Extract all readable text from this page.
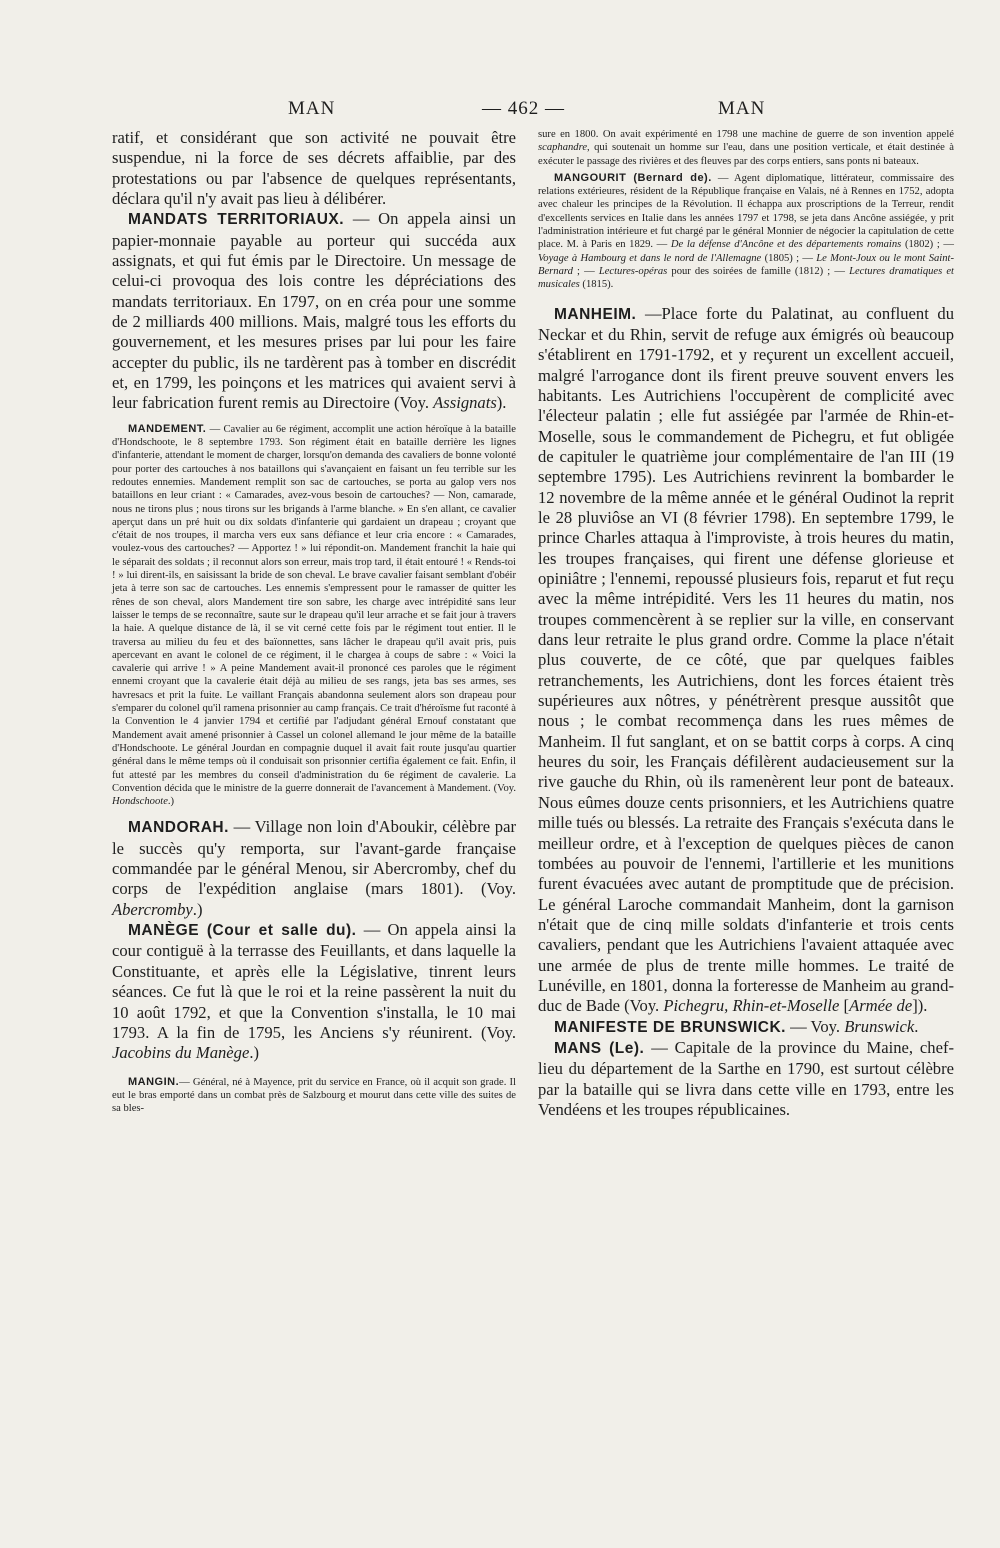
MAN	— 462 —	MAN

ratif, et considérant que son activité ne pouvait être suspendue, ni la force de ses décrets affaiblie, par des protestations ou par l'absence de quelques représentants, déclara qu'il n'y avait pas lieu à délibérer.

MANDATS TERRITORIAUX. — On appela ainsi un papier-monnaie payable au porteur qui succéda aux assignats, et qui fut émis par le Directoire. Un message de celui-ci provoqua des lois contre les dépréciations des mandats territoriaux. En 1797, on en créa pour une somme de 2 milliards 400 millions. Mais, malgré tous les efforts du gouvernement, et les mesures prises par lui pour les faire accepter du public, ils ne tardèrent pas à tomber en discrédit et, en 1799, les poinçons et les matrices qui avaient servi à leur fabrication furent remis au Directoire (Voy. Assignats).

MANDEMENT. — Cavalier au 6e régiment, accomplit une action héroïque à la bataille d'Hondschoote, le 8 septembre 1793. Son régiment était en bataille derrière les lignes d'infanterie, attendant le moment de charger, lorsqu'on demanda des cavaliers de bonne volonté pour porter des cartouches à nos bataillons qui s'avançaient en faisant un feu terrible sur les redoutes ennemies. Mandement remplit son sac de cartouches, se porta au galop vers nos bataillons en leur criant : « Camarades, avez-vous besoin de cartouches? — Non, camarade, nous ne tirons plus ; nous tirons sur les brigands à l'arme blanche. » En s'en allant, ce cavalier aperçut dans un pré huit ou dix soldats d'infanterie qui gardaient un drapeau ; croyant que c'était de nos troupes, il marcha vers eux sans défiance et leur cria encore : « Camarades, voulez-vous des cartouches? — Apportez ! » lui répondit-on. Mandement franchit la haie qui le séparait des soldats ; il reconnut alors son erreur, mais trop tard, il était entouré ! « Rends-toi ! » lui dirent-ils, en saisissant la bride de son cheval. Le brave cavalier faisant semblant d'obéir jeta à terre son sac de cartouches. Les ennemis s'empressent pour le ramasser de quitter les rênes de son cheval, alors Mandement tire son sabre, les charge avec intrépidité sans leur laisser le temps de se reconnaître, saute sur le drapeau qu'il leur arrache et se fait jour à travers la haie. A quelque distance de là, il se vit cerné cette fois par le régiment tout entier. Il le traversa au milieu du feu et des baïonnettes, sans lâcher le drapeau qu'il avait pris, puis apercevant en avant le colonel de ce régiment, il le chargea à coups de sabre : « Voici la cavalerie qui arrive ! » A peine Mandement avait-il prononcé ces paroles que le régiment ennemi croyant que la cavalerie était déjà au milieu de ses rangs, jeta bas ses armes, ses havresacs et prit la fuite. Le vaillant Français abandonna seulement alors son drapeau pour s'emparer du colonel qu'il ramena prisonnier au camp français. Ce trait d'héroïsme fut raconté à la Convention le 4 janvier 1794 et certifié par l'adjudant général Ernouf constatant que Mandement avait amené prisonnier à Cassel un colonel allemand le jour même de la bataille d'Hondschoote. Le général Jourdan en compagnie duquel il avait fait route jusqu'au quartier général dans le même temps où il conduisait son prisonnier certifia également ce fait. Enfin, il fut attesté par les membres du conseil d'administration du 6e régiment de cavalerie. La Convention décida que le ministre de la guerre donnerait de l'avancement à Mandement. (Voy. Hondschoote.)

MANDORAH. — Village non loin d'Aboukir, célèbre par le succès qu'y remporta, sur l'avant-garde française commandée par le général Menou, sir Abercromby, chef du corps de l'expédition anglaise (mars 1801). (Voy. Abercromby.)

MANÈGE (Cour et salle du). — On appela ainsi la cour contiguë à la terrasse des Feuillants, et dans laquelle la Constituante, et après elle la Législative, tinrent leurs séances. Ce fut là que le roi et la reine passèrent la nuit du 10 août 1792, et que la Convention s'installa, le 10 mai 1793. A la fin de 1795, les Anciens s'y réunirent. (Voy. Jacobins du Manège.)

MANGIN.— Général, né à Mayence, prit du service en France, où il acquit son grade. Il eut le bras emporté dans un combat près de Salzbourg et mourut dans cette ville des suites de sa bles-

sure en 1800. On avait expérimenté en 1798 une machine de guerre de son invention appelé scaphandre, qui soutenait un homme sur l'eau, dans une position verticale, et était destinée à exécuter le passage des rivières et des fleuves par des corps entiers, sans ponts ni bateaux.

MANGOURIT (Bernard de). — Agent diplomatique, littérateur, commissaire des relations extérieures, résident de la République française en Valais, né à Rennes en 1752, adopta avec chaleur les principes de la Révolution. Il échappa aux proscriptions de la Terreur, rendit d'excellents services en Italie dans les années 1797 et 1798, se jeta dans Ancône assiégée, y prit l'administration intérieure et fut chargé par le général Monnier de négocier la capitulation de cette place. M. à Paris en 1829. — De la défense d'Ancône et des départements romains (1802) ; — Voyage à Hambourg et dans le nord de l'Allemagne (1805) ; — Le Mont-Joux ou le mont Saint-Bernard ; — Lectures-opéras pour des soirées de famille (1812) ; — Lectures dramatiques et musicales (1815).

MANHEIM. —Place forte du Palatinat, au confluent du Neckar et du Rhin, servit de refuge aux émigrés où beaucoup s'établirent en 1791-1792, et y reçurent un excellent accueil, malgré l'arrogance dont ils firent preuve souvent envers les habitants. Les Autrichiens l'occupèrent de complicité avec l'électeur palatin ; elle fut assiégée par l'armée de Rhin-et-Moselle, sous le commandement de Pichegru, et fut obligée de capituler le quatrième jour complémentaire de l'an III (19 septembre 1795). Les Autrichiens revinrent la bombarder le 12 novembre de la même année et le général Oudinot la reprit le 28 pluviôse an VI (8 février 1798). En septembre 1799, le prince Charles attaqua à l'improviste, à trois heures du matin, les troupes françaises, qui firent une défense glorieuse et opiniâtre ; l'ennemi, repoussé plusieurs fois, reparut et fut reçu avec la même intrépidité. Vers les 11 heures du matin, nos troupes commencèrent à se replier sur la ville, en conservant dans leur retraite le plus grand ordre. Comme la place n'était plus couverte, de ce côté, que par quelques faibles retranchements, les Autrichiens, dont les forces étaient très supérieures aux nôtres, y pénétrèrent presque aussitôt que nous ; le combat recommença dans les rues mêmes de Manheim. Il fut sanglant, et on se battit corps à corps. A cinq heures du soir, les Français défilèrent audacieusement sur la rive gauche du Rhin, où ils ramenèrent leur pont de bateaux. Nous eûmes douze cents prisonniers, et les Autrichiens quatre mille tués ou blessés. La retraite des Français s'exécuta dans le meilleur ordre, et à l'exception de quelques pièces de canon tombées au pouvoir de l'ennemi, l'artillerie et les munitions furent évacuées avec autant de promptitude que de précision. Le général Laroche commandait Manheim, dont la garnison n'était que de cinq mille soldats d'infanterie et trois cents cavaliers, pendant que les Autrichiens l'avaient attaquée avec une armée de plus de trente mille hommes. Le traité de Lunéville, en 1801, donna la forteresse de Manheim au grand-duc de Bade (Voy. Pichegru, Rhin-et-Moselle [Armée de]).

MANIFESTE DE BRUNSWICK. — Voy. Brunswick.

MANS (Le). — Capitale de la province du Maine, chef-lieu du département de la Sarthe en 1790, est surtout célèbre par la bataille qui se livra dans cette ville en 1793, entre les Vendéens et les troupes républicaines.
